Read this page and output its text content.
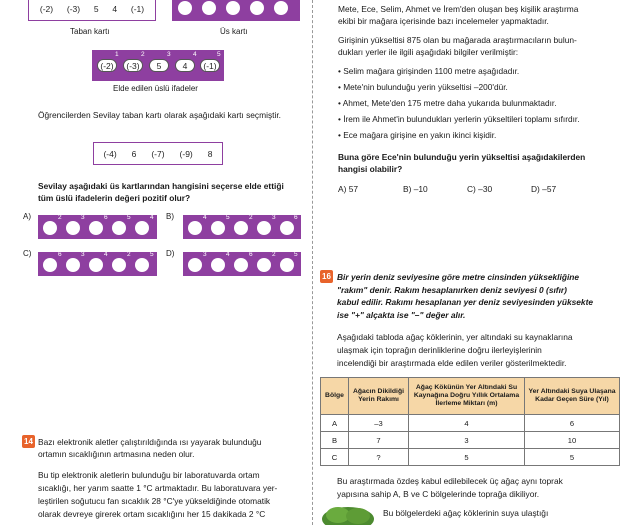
(-2) (-3) 5 4 (-1)
Taban kartı	Üs kartı
1	2	3	4	5
(-2)	(-3)	5	4	(-1)
Elde edilen üslü ifadeler
Öğrencilerden Sevilay taban kartı olarak aşağıdaki kartı seçmiştir.
(-4) 6 (-7) (-9) 8
Sevilay aşağıdaki üs kartlarından hangisini seçerse elde ettiği tüm üslü ifadelerin değeri pozitif olur?
A)	2	3	6	5	4 B)	4	5	2	3	6
C)	6	3	4	2	5 D)	3	4	6	2	5
14 Bazı elektronik aletler çalıştırıldığında ısı yayarak bulunduğu
ortamın sıcaklığının artmasına neden olur.
Bu tip elektronik aletlerin bulunduğu bir laboratuvarda ortam
sıcaklığı, her yarım saatte 1 °C artmaktadır. Bu laboratuvara yer-
leştirilen soğutucu fan sıcaklık 28 °C'ye yükseldiğinde otomatik
olarak devreye girerek ortam sıcaklığını her 15 dakikada 2 °C
Mete, Ece, Selim, Ahmet ve İrem'den oluşan beş kişilik araştırma
ekibi bir mağara içerisinde bazı incelemeler yapmaktadır.
Girişinin yükseltisi 875 olan bu mağarada araştırmacıların bulun-
dukları yerler ile ilgili aşağıdaki bilgiler verilmiştir:
• Selim mağara girişinden 1100 metre aşağıdadır.
• Mete'nin bulunduğu yerin yükseltisi –200'dür.
• Ahmet, Mete'den 175 metre daha yukarıda bulunmaktadır.
• İrem ile Ahmet'in bulundukları yerlerin yükseltileri toplamı sıfırdır.
• Ece mağara girişine en yakın ikinci kişidir.
Buna göre Ece'nin bulunduğu yerin yükseltisi aşağıdakilerden
hangisi olabilir?
A) 57	B) –10	C) –30	D) –57
16 Bir yerin deniz seviyesine göre metre cinsinden yüksekliğine
"rakım" denir. Rakım hesaplanırken deniz seviyesi 0 (sıfır)
kabul edilir. Rakımı hesaplanan yer deniz seviyesinden yüksekte
ise "+" alçakta ise "–" değer alır.
Aşağıdaki tabloda ağaç köklerinin, yer altındaki su kaynaklarına
ulaşmak için toprağın derinliklerine doğru ilerleyişlerinin
incelendiği bir araştırmada elde edilen veriler gösterilmektedir.
Bölge	Ağacın Dikildiği Yerin Rakımı	Ağaç Kökünün Yer Altındaki Su Kaynağına Doğru Yıllık Ortalama İlerleme Miktarı (m)	Yer Altındaki Suya Ulaşana Kadar Geçen Süre (Yıl)
A	–3	4	6
B	7	3	10
C	?	5	5
Bu araştırmada özdeş kabul edilebilecek üç ağaç aynı toprak
yapısına sahip A, B ve C bölgelerinde toprağa dikiliyor.
Bu bölgelerdeki ağaç köklerinin suya ulaştığı
